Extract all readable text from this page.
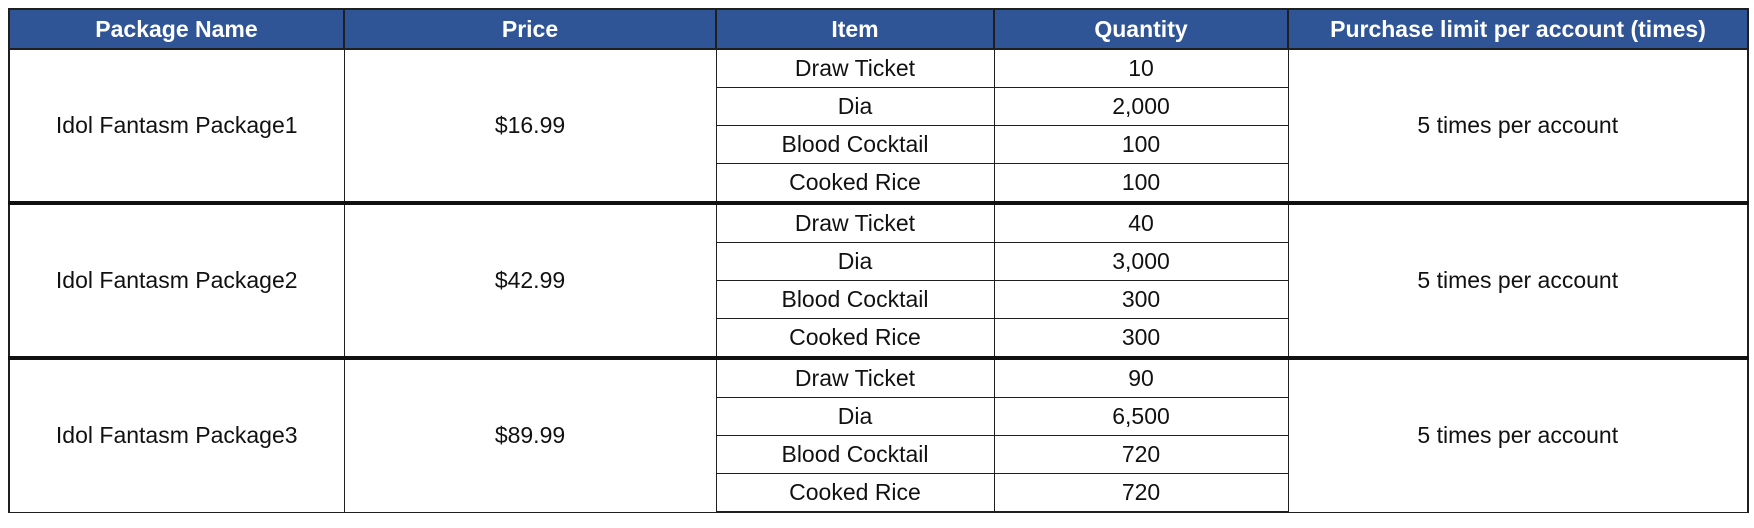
Package Name	Price	Item	Quantity	Purchase limit per account (times)
Idol Fantasm Package1	$16.99	Draw Ticket	10	5 times per account
		Dia	2,000	
		Blood Cocktail	100	
		Cooked Rice	100	
Idol Fantasm Package2	$42.99	Draw Ticket	40	5 times per account
		Dia	3,000	
		Blood Cocktail	300	
		Cooked Rice	300	
Idol Fantasm Package3	$89.99	Draw Ticket	90	5 times per account
		Dia	6,500	
		Blood Cocktail	720	
		Cooked Rice	720	
